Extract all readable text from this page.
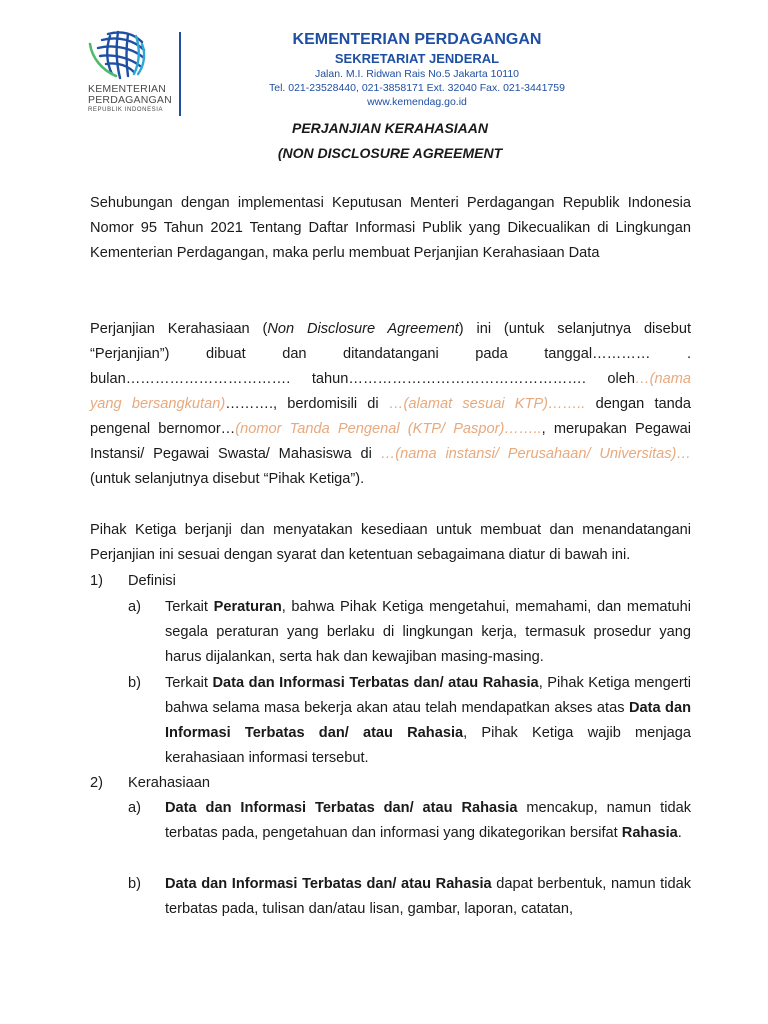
KEMENTERIAN
PERDAGANGAN
REPUBLIK INDONESIA
KEMENTERIAN PERDAGANGAN
SEKRETARIAT JENDERAL
Jalan. M.I. Ridwan Rais No.5 Jakarta 10110
Tel. 021-23528440, 021-3858171 Ext. 32040 Fax. 021-3441759
www.kemendag.go.id
PERJANJIAN KERAHASIAAN
(NON DISCLOSURE AGREEMENT

Sehubungan dengan implementasi Keputusan Menteri Perdagangan Republik Indonesia Nomor 95 Tahun 2021 Tentang Daftar Informasi Publik yang Dikecualikan di Lingkungan Kementerian Perdagangan, maka perlu membuat Perjanjian Kerahasiaan Data

Perjanjian Kerahasiaan (Non Disclosure Agreement) ini (untuk selanjutnya disebut “Perjanjian”) dibuat dan ditandatangani pada tanggal………… . bulan……………………………. tahun…………………………………………. oleh…(nama yang bersangkutan)………., berdomisili di …(alamat sesuai KTP)…….. dengan tanda pengenal bernomor…(nomor Tanda Pengenal (KTP/ Paspor)…….., merupakan Pegawai Instansi/ Pegawai Swasta/ Mahasiswa di …(nama instansi/ Perusahaan/ Universitas)… (untuk selanjutnya disebut “Pihak Ketiga”).

Pihak Ketiga berjanji dan menyatakan kesediaan untuk membuat dan menandatangani Perjanjian ini sesuai dengan syarat dan ketentuan sebagaimana diatur di bawah ini.

1) Definisi
a) Terkait Peraturan, bahwa Pihak Ketiga mengetahui, memahami, dan mematuhi segala peraturan yang berlaku di lingkungan kerja, termasuk prosedur yang harus dijalankan, serta hak dan kewajiban masing-masing.

b) Terkait Data dan Informasi Terbatas dan/ atau Rahasia, Pihak Ketiga mengerti bahwa selama masa bekerja akan atau telah mendapatkan akses atas Data dan Informasi Terbatas dan/ atau Rahasia, Pihak Ketiga wajib menjaga kerahasiaan informasi tersebut.

2) Kerahasiaan
a) Data dan Informasi Terbatas dan/ atau Rahasia mencakup, namun tidak terbatas pada, pengetahuan dan informasi yang dikategorikan bersifat Rahasia.

b) Data dan Informasi Terbatas dan/ atau Rahasia dapat berbentuk, namun tidak terbatas pada, tulisan dan/atau lisan, gambar, laporan, catatan,
